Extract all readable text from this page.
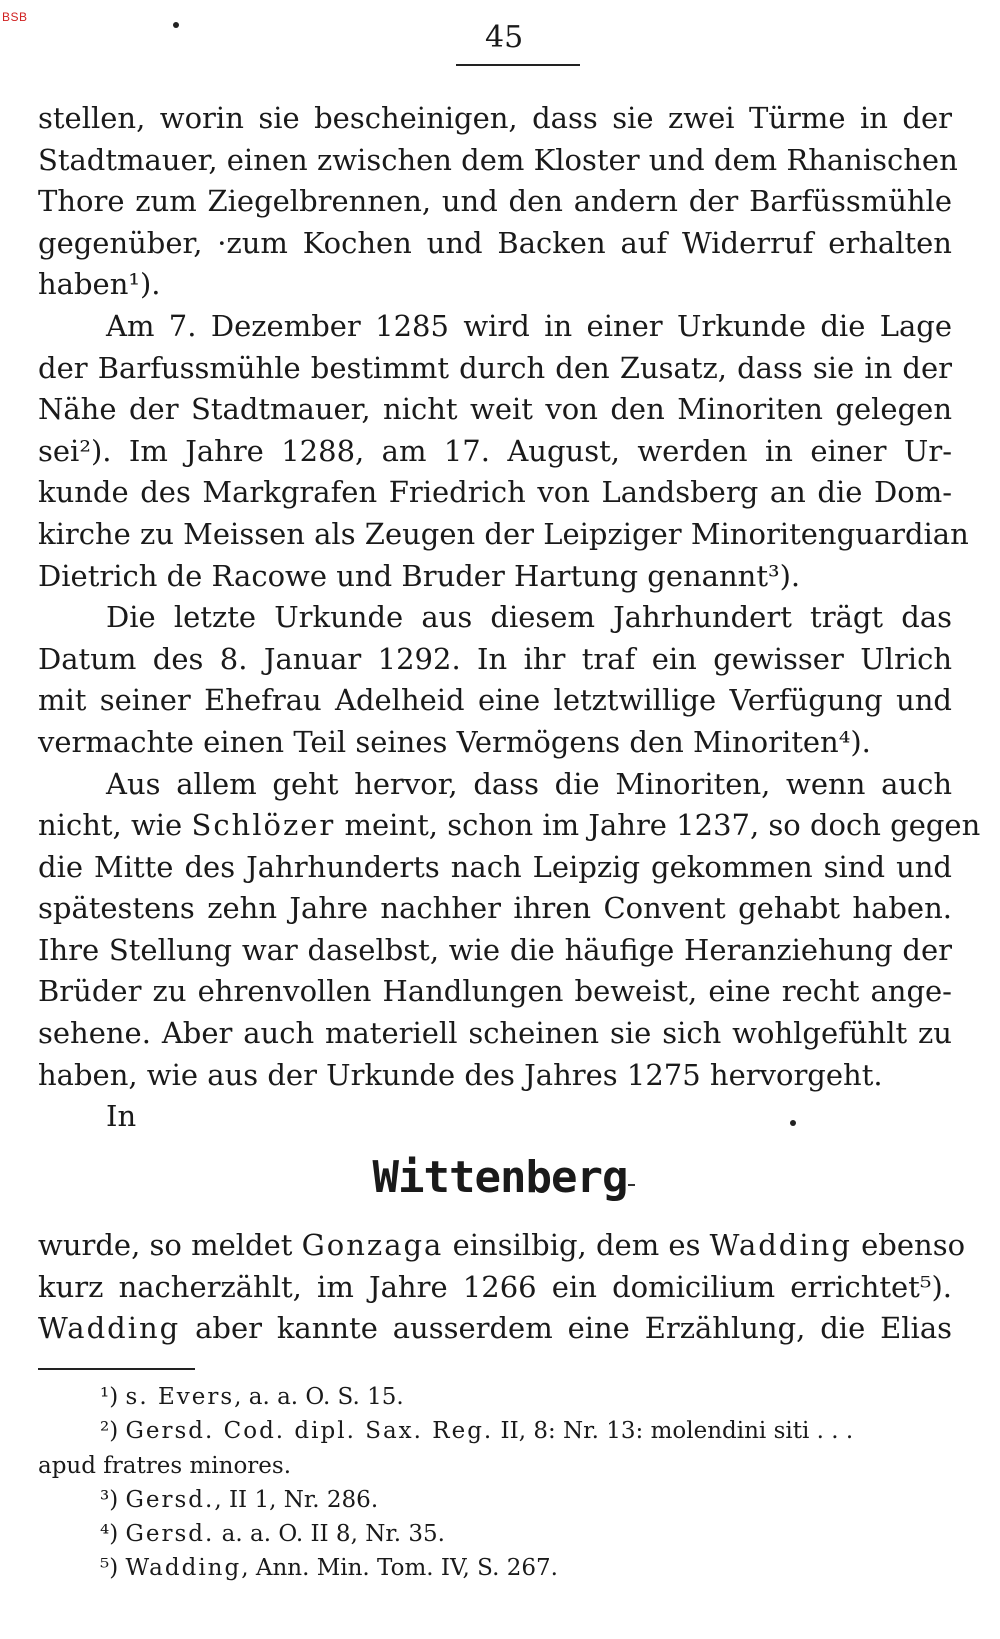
BSB
45

stellen, worin sie bescheinigen, dass sie zwei Türme in der

Stadtmauer, einen zwischen dem Kloster und dem Rhanischen

Thore zum Ziegelbrennen, und den andern der Barfüssmühle

gegenüber, ·zum Kochen und Backen auf Widerruf erhalten

haben¹).

Am 7. Dezember 1285 wird in einer Urkunde die Lage

der Barfussmühle bestimmt durch den Zusatz, dass sie in der

Nähe der Stadtmauer, nicht weit von den Minoriten gelegen

sei²). Im Jahre 1288, am 17. August, werden in einer Ur-

kunde des Markgrafen Friedrich von Landsberg an die Dom-

kirche zu Meissen als Zeugen der Leipziger Minoritenguardian

Dietrich de Racowe und Bruder Hartung genannt³).

Die letzte Urkunde aus diesem Jahrhundert trägt das

Datum des 8. Januar 1292. In ihr traf ein gewisser Ulrich

mit seiner Ehefrau Adelheid eine letztwillige Verfügung und

vermachte einen Teil seines Vermögens den Minoriten⁴).

Aus allem geht hervor, dass die Minoriten, wenn auch

nicht, wie Schlözer meint, schon im Jahre 1237, so doch gegen

die Mitte des Jahrhunderts nach Leipzig gekommen sind und

spätestens zehn Jahre nachher ihren Convent gehabt haben.

Ihre Stellung war daselbst, wie die häufige Heranziehung der

Brüder zu ehrenvollen Handlungen beweist, eine recht ange-

sehene. Aber auch materiell scheinen sie sich wohlgefühlt zu

haben, wie aus der Urkunde des Jahres 1275 hervorgeht.

In

Wittenberg

wurde, so meldet Gonzaga einsilbig, dem es Wadding ebenso

kurz nacherzählt, im Jahre 1266 ein domicilium errichtet⁵).

Wadding aber kannte ausserdem eine Erzählung, die Elias

¹) s. Evers, a. a. O. S. 15.

²) Gersd. Cod. dipl. Sax. Reg. II, 8: Nr. 13: molendini siti . . .

apud fratres minores.

³) Gersd., II 1, Nr. 286.

⁴) Gersd. a. a. O. II 8, Nr. 35.

⁵) Wadding, Ann. Min. Tom. IV, S. 267.
